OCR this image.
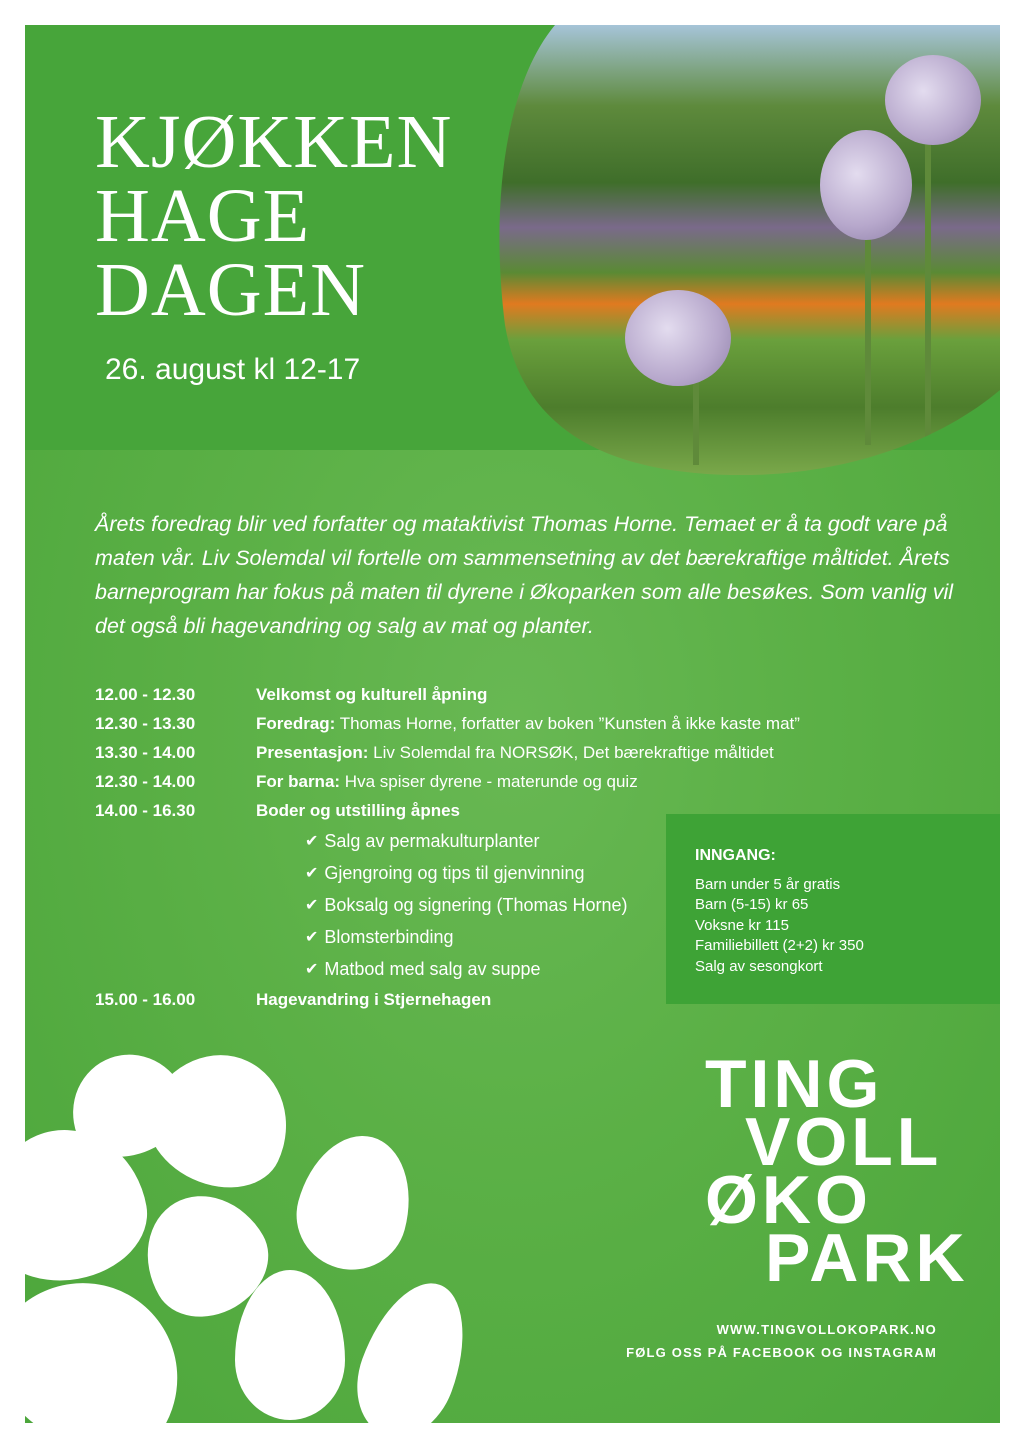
KJØKKEN
HAGE
DAGEN
26. august kl 12-17
Årets foredrag blir ved forfatter og mataktivist Thomas Horne. Temaet er å ta godt vare på maten vår. Liv Solemdal vil fortelle om sammensetning av det bærekraftige måltidet. Årets barneprogram har fokus på maten til dyrene i Økoparken som alle besøkes. Som vanlig vil det også bli hagevandring og salg av mat og planter.
12.00 - 12.30	Velkomst og kulturell åpning
12.30 - 13.30	Foredrag: Thomas Horne, forfatter av boken ”Kunsten å ikke kaste mat”
13.30 - 14.00	Presentasjon: Liv Solemdal fra NORSØK, Det bærekraftige måltidet
12.30 - 14.00	For barna: Hva spiser dyrene - materunde og quiz
14.00 - 16.30	Boder og utstilling åpnes
✔ Salg av permakulturplanter
✔ Gjengroing og tips til gjenvinning
✔ Boksalg og signering (Thomas Horne)
✔ Blomsterbinding
✔ Matbod med salg av suppe
15.00 - 16.00	Hagevandring i Stjernehagen
INNGANG:
Barn under 5 år gratis
Barn (5-15) kr 65
Voksne kr 115
Familiebillett (2+2) kr 350
Salg av sesongkort
TING
VOLL
ØKO
PARK
WWW.TINGVOLLOKOPARK.NO
FØLG OSS PÅ FACEBOOK OG INSTAGRAM
